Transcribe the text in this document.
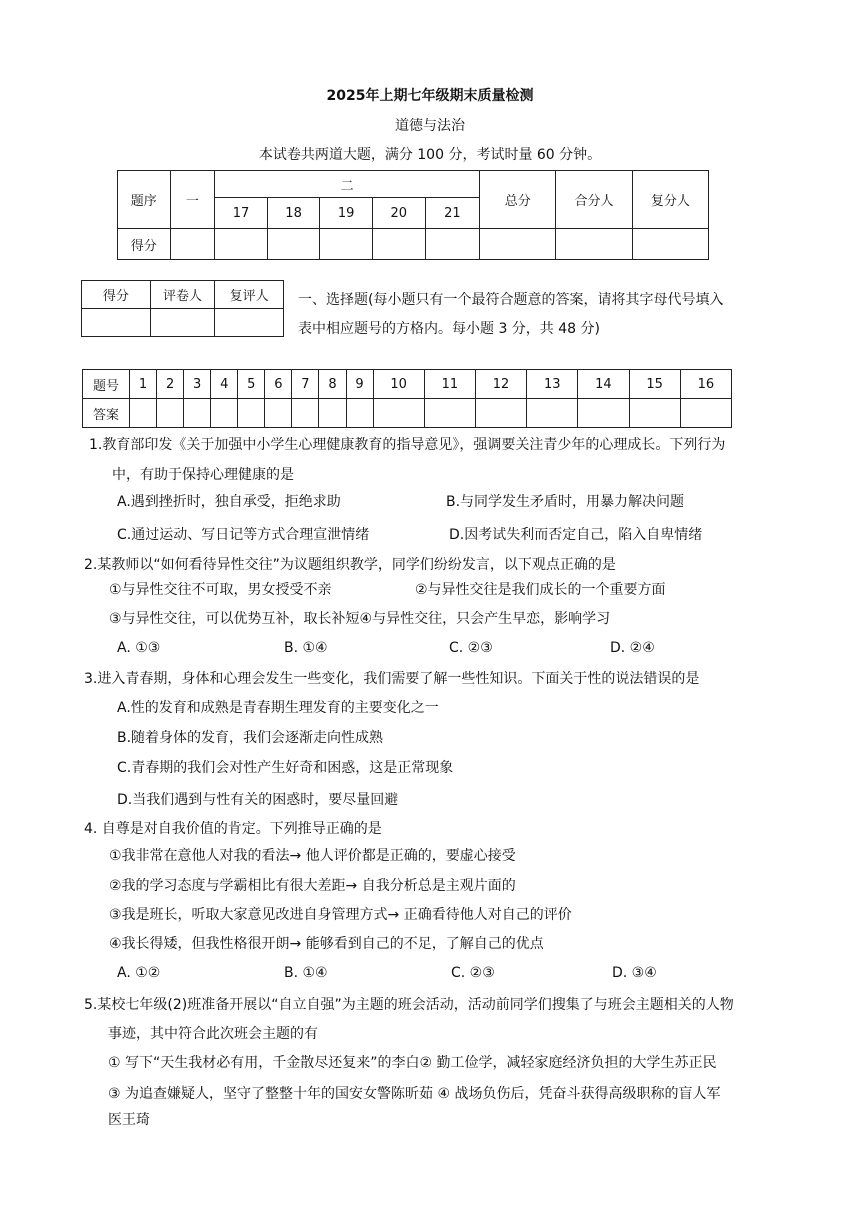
2025年上期七年级期末质量检测
道德与法治
本试卷共两道大题，满分 100 分，考试时量 60 分钟。
题序	一	二					总分	合分人	复分人
		17	18	19	20	21			
得分									
得分	评卷人	复评人
		一、选择题(每小题只有一个最符合题意的答案，请将其字母代号填入
表中相应题号的方格内。每小题 3 分，共 48 分)
题号	1	2	3	4	5	6	7	8	9	10	11	12	13	14	15	16
答案																
1.教育部印发《关于加强中小学生心理健康教育的指导意见》，强调要关注青少年的心理成长。下列行为
中，有助于保持心理健康的是
A.遇到挫折时，独自承受，拒绝求助	B.与同学发生矛盾时，用暴力解决问题
C.通过运动、写日记等方式合理宣泄情绪	D.因考试失利而否定自己，陷入自卑情绪
2.某教师以“如何看待异性交往”为议题组织教学，同学们纷纷发言，以下观点正确的是
①与异性交往不可取，男女授受不亲	②与异性交往是我们成长的一个重要方面
③与异性交往，可以优势互补，取长补短④与异性交往，只会产生早恋，影响学习
A. ①③	B. ①④	C. ②③	D. ②④
3.进入青春期，身体和心理会发生一些变化，我们需要了解一些性知识。下面关于性的说法错误的是
A.性的发育和成熟是青春期生理发育的主要变化之一
B.随着身体的发育，我们会逐渐走向性成熟
C.青春期的我们会对性产生好奇和困惑，这是正常现象
D.当我们遇到与性有关的困惑时，要尽量回避
4. 自尊是对自我价值的肯定。下列推导正确的是
①我非常在意他人对我的看法→ 他人评价都是正确的，要虚心接受
②我的学习态度与学霸相比有很大差距→ 自我分析总是主观片面的
③我是班长，听取大家意见改进自身管理方式→ 正确看待他人对自己的评价
④我长得矮，但我性格很开朗→ 能够看到自己的不足，了解自己的优点
A. ①②	B. ①④	C. ②③	D. ③④
5.某校七年级(2)班准备开展以“自立自强”为主题的班会活动，活动前同学们搜集了与班会主题相关的人物
事迹，其中符合此次班会主题的有
① 写下“天生我材必有用，千金散尽还复来”的李白② 勤工俭学，减轻家庭经济负担的大学生苏正民
③ 为追查嫌疑人，坚守了整整十年的国安女警陈昕茹 ④ 战场负伤后，凭奋斗获得高级职称的盲人军
医王琦
